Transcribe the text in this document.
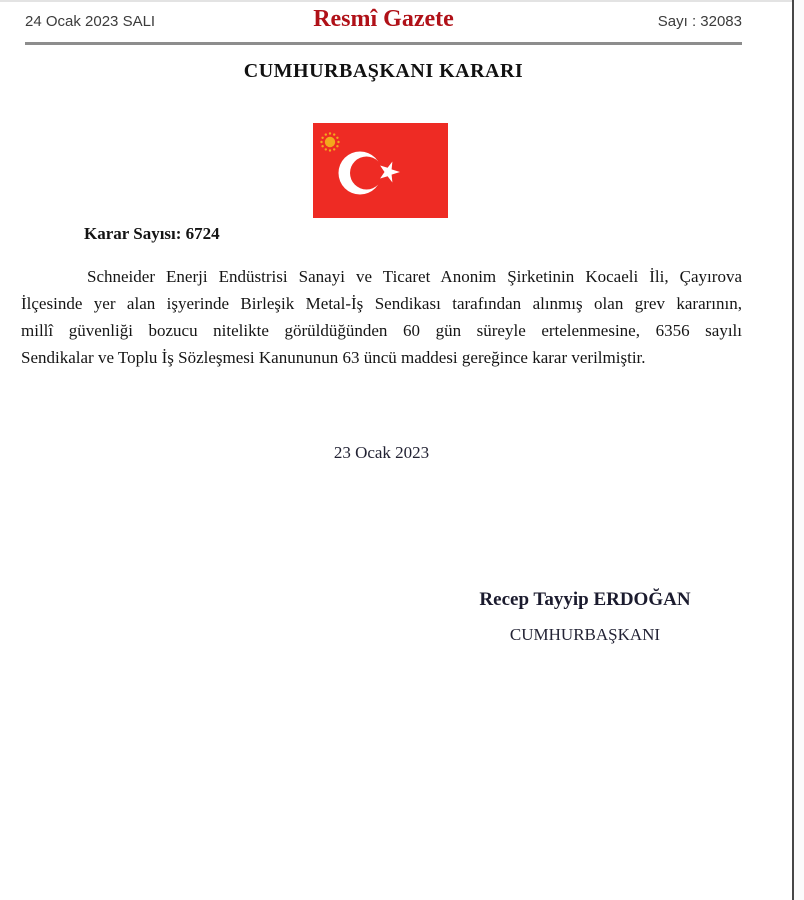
24 Ocak 2023 SALI	Resmî Gazete	Sayı : 32083
CUMHURBAŞKANI KARARI
Karar Sayısı: 6724
Schneider Enerji Endüstrisi Sanayi ve Ticaret Anonim Şirketinin Kocaeli İli, Çayırova
İlçesinde yer alan işyerinde Birleşik Metal-İş Sendikası tarafından alınmış olan grev kararının,
millî güvenliği bozucu nitelikte görüldüğünden 60 gün süreyle ertelenmesine, 6356 sayılı
Sendikalar ve Toplu İş Sözleşmesi Kanununun 63 üncü maddesi gereğince karar verilmiştir.
23 Ocak 2023
Recep Tayyip ERDOĞAN
CUMHURBAŞKANI
